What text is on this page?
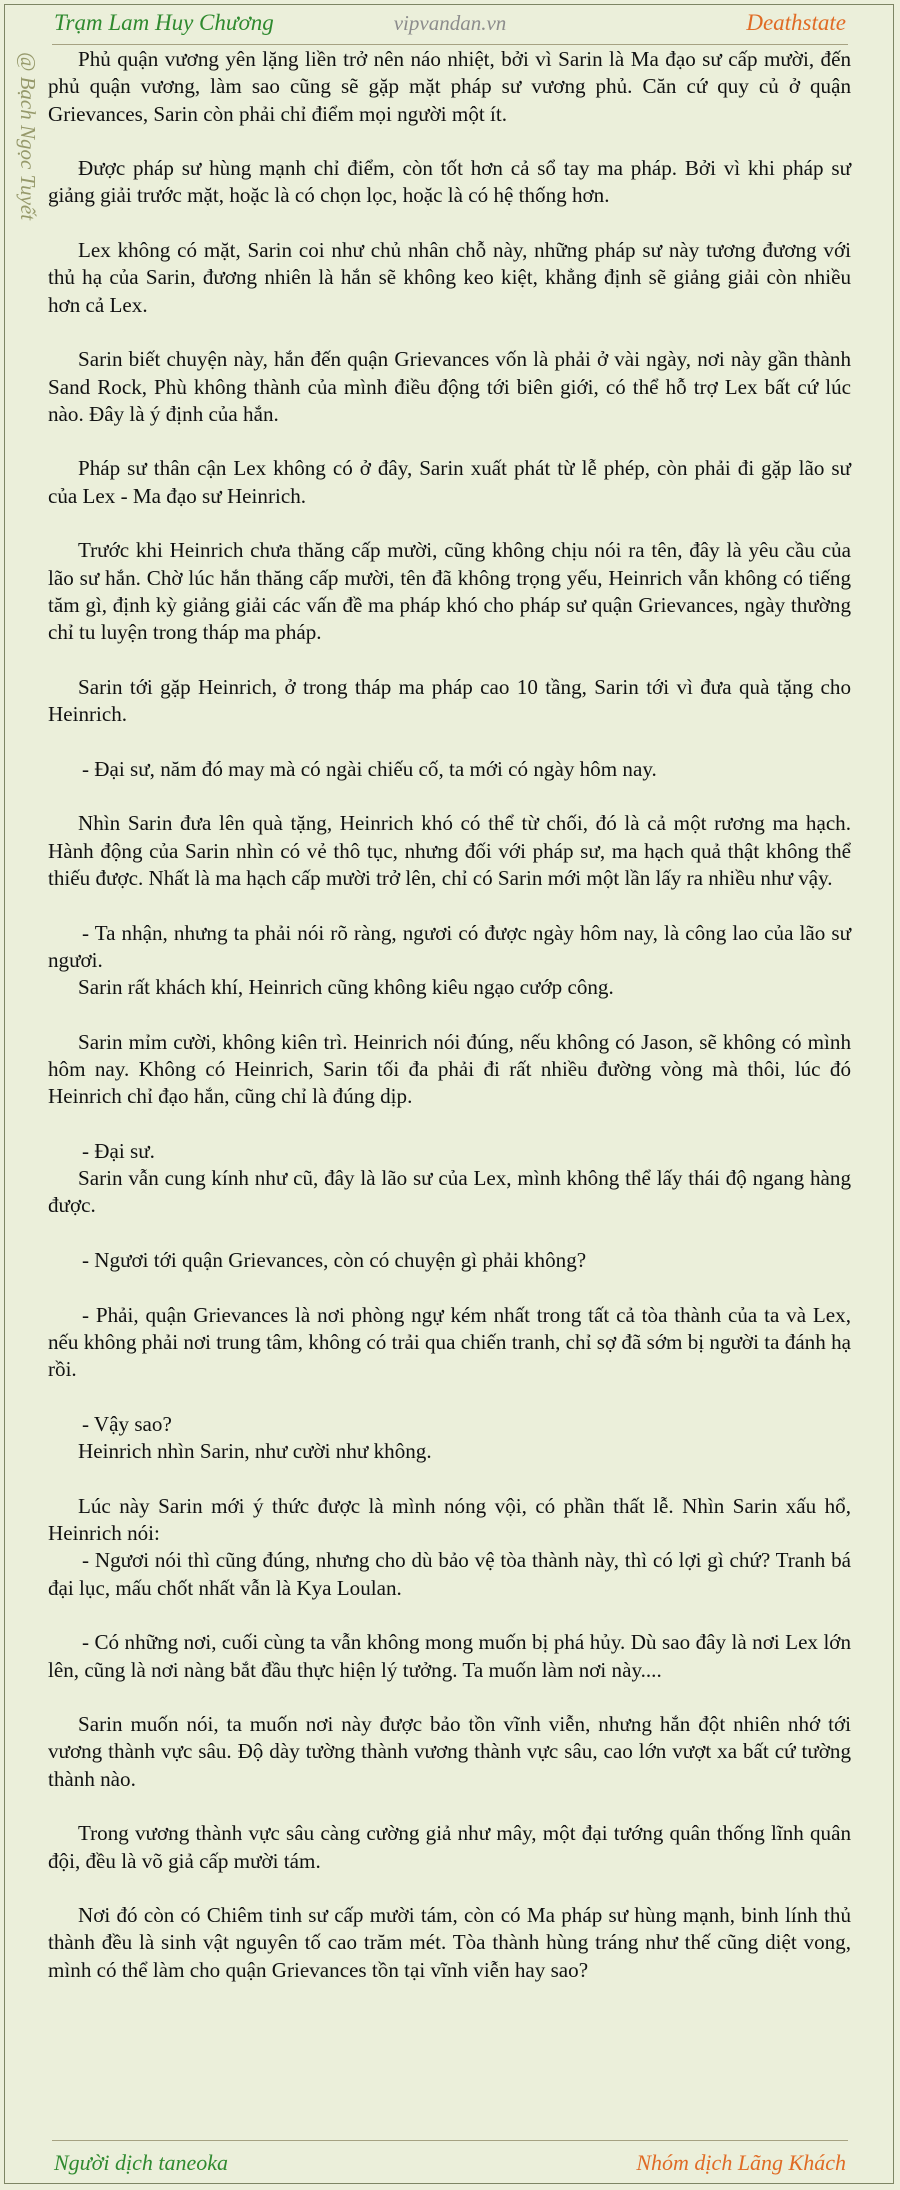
Trạm Lam Huy Chương	vipvandan.vn	Deathstate
@ Bạch Ngọc Tuyết	Phủ quận vương yên lặng liền trở nên náo nhiệt, bởi vì Sarin là Ma đạo sư cấp mười, đến phủ quận vương, làm sao cũng sẽ gặp mặt pháp sư vương phủ. Căn cứ quy củ ở quận Grievances, Sarin còn phải chỉ điểm mọi người một ít.

Được pháp sư hùng mạnh chỉ điểm, còn tốt hơn cả sổ tay ma pháp. Bởi vì khi pháp sư giảng giải trước mặt, hoặc là có chọn lọc, hoặc là có hệ thống hơn.

Lex không có mặt, Sarin coi như chủ nhân chỗ này, những pháp sư này tương đương với thủ hạ của Sarin, đương nhiên là hắn sẽ không keo kiệt, khẳng định sẽ giảng giải còn nhiều hơn cả Lex.

Sarin biết chuyện này, hắn đến quận Grievances vốn là phải ở vài ngày, nơi này gần thành Sand Rock, Phù không thành của mình điều động tới biên giới, có thể hỗ trợ Lex bất cứ lúc nào. Đây là ý định của hắn.

Pháp sư thân cận Lex không có ở đây, Sarin xuất phát từ lễ phép, còn phải đi gặp lão sư của Lex - Ma đạo sư Heinrich.

Trước khi Heinrich chưa thăng cấp mười, cũng không chịu nói ra tên, đây là yêu cầu của lão sư hắn. Chờ lúc hắn thăng cấp mười, tên đã không trọng yếu, Heinrich vẫn không có tiếng tăm gì, định kỳ giảng giải các vấn đề ma pháp khó cho pháp sư quận Grievances, ngày thường chỉ tu luyện trong tháp ma pháp.

Sarin tới gặp Heinrich, ở trong tháp ma pháp cao 10 tầng, Sarin tới vì đưa quà tặng cho Heinrich.

- Đại sư, năm đó may mà có ngài chiếu cố, ta mới có ngày hôm nay.

Nhìn Sarin đưa lên quà tặng, Heinrich khó có thể từ chối, đó là cả một rương ma hạch. Hành động của Sarin nhìn có vẻ thô tục, nhưng đối với pháp sư, ma hạch quả thật không thể thiếu được. Nhất là ma hạch cấp mười trở lên, chỉ có Sarin mới một lần lấy ra nhiều như vậy.

- Ta nhận, nhưng ta phải nói rõ ràng, ngươi có được ngày hôm nay, là công lao của lão sư ngươi.
Sarin rất khách khí, Heinrich cũng không kiêu ngạo cướp công.

Sarin mỉm cười, không kiên trì. Heinrich nói đúng, nếu không có Jason, sẽ không có mình hôm nay. Không có Heinrich, Sarin tối đa phải đi rất nhiều đường vòng mà thôi, lúc đó Heinrich chỉ đạo hắn, cũng chỉ là đúng dịp.

- Đại sư.
Sarin vẫn cung kính như cũ, đây là lão sư của Lex, mình không thể lấy thái độ ngang hàng được.

- Ngươi tới quận Grievances, còn có chuyện gì phải không?

- Phải, quận Grievances là nơi phòng ngự kém nhất trong tất cả tòa thành của ta và Lex, nếu không phải nơi trung tâm, không có trải qua chiến tranh, chỉ sợ đã sớm bị người ta đánh hạ rồi.

- Vậy sao?
Heinrich nhìn Sarin, như cười như không.

Lúc này Sarin mới ý thức được là mình nóng vội, có phần thất lễ. Nhìn Sarin xấu hổ, Heinrich nói:
- Ngươi nói thì cũng đúng, nhưng cho dù bảo vệ tòa thành này, thì có lợi gì chứ? Tranh bá đại lục, mấu chốt nhất vẫn là Kya Loulan.

- Có những nơi, cuối cùng ta vẫn không mong muốn bị phá hủy. Dù sao đây là nơi Lex lớn lên, cũng là nơi nàng bắt đầu thực hiện lý tưởng. Ta muốn làm nơi này....

Sarin muốn nói, ta muốn nơi này được bảo tồn vĩnh viễn, nhưng hắn đột nhiên nhớ tới vương thành vực sâu. Độ dày tường thành vương thành vực sâu, cao lớn vượt xa bất cứ tường thành nào.

Trong vương thành vực sâu càng cường giả như mây, một đại tướng quân thống lĩnh quân đội, đều là võ giả cấp mười tám.

Nơi đó còn có Chiêm tinh sư cấp mười tám, còn có Ma pháp sư hùng mạnh, binh lính thủ thành đều là sinh vật nguyên tố cao trăm mét. Tòa thành hùng tráng như thế cũng diệt vong, mình có thể làm cho quận Grievances tồn tại vĩnh viễn hay sao?

Người dịch taneoka	Nhóm dịch Lãng Khách
